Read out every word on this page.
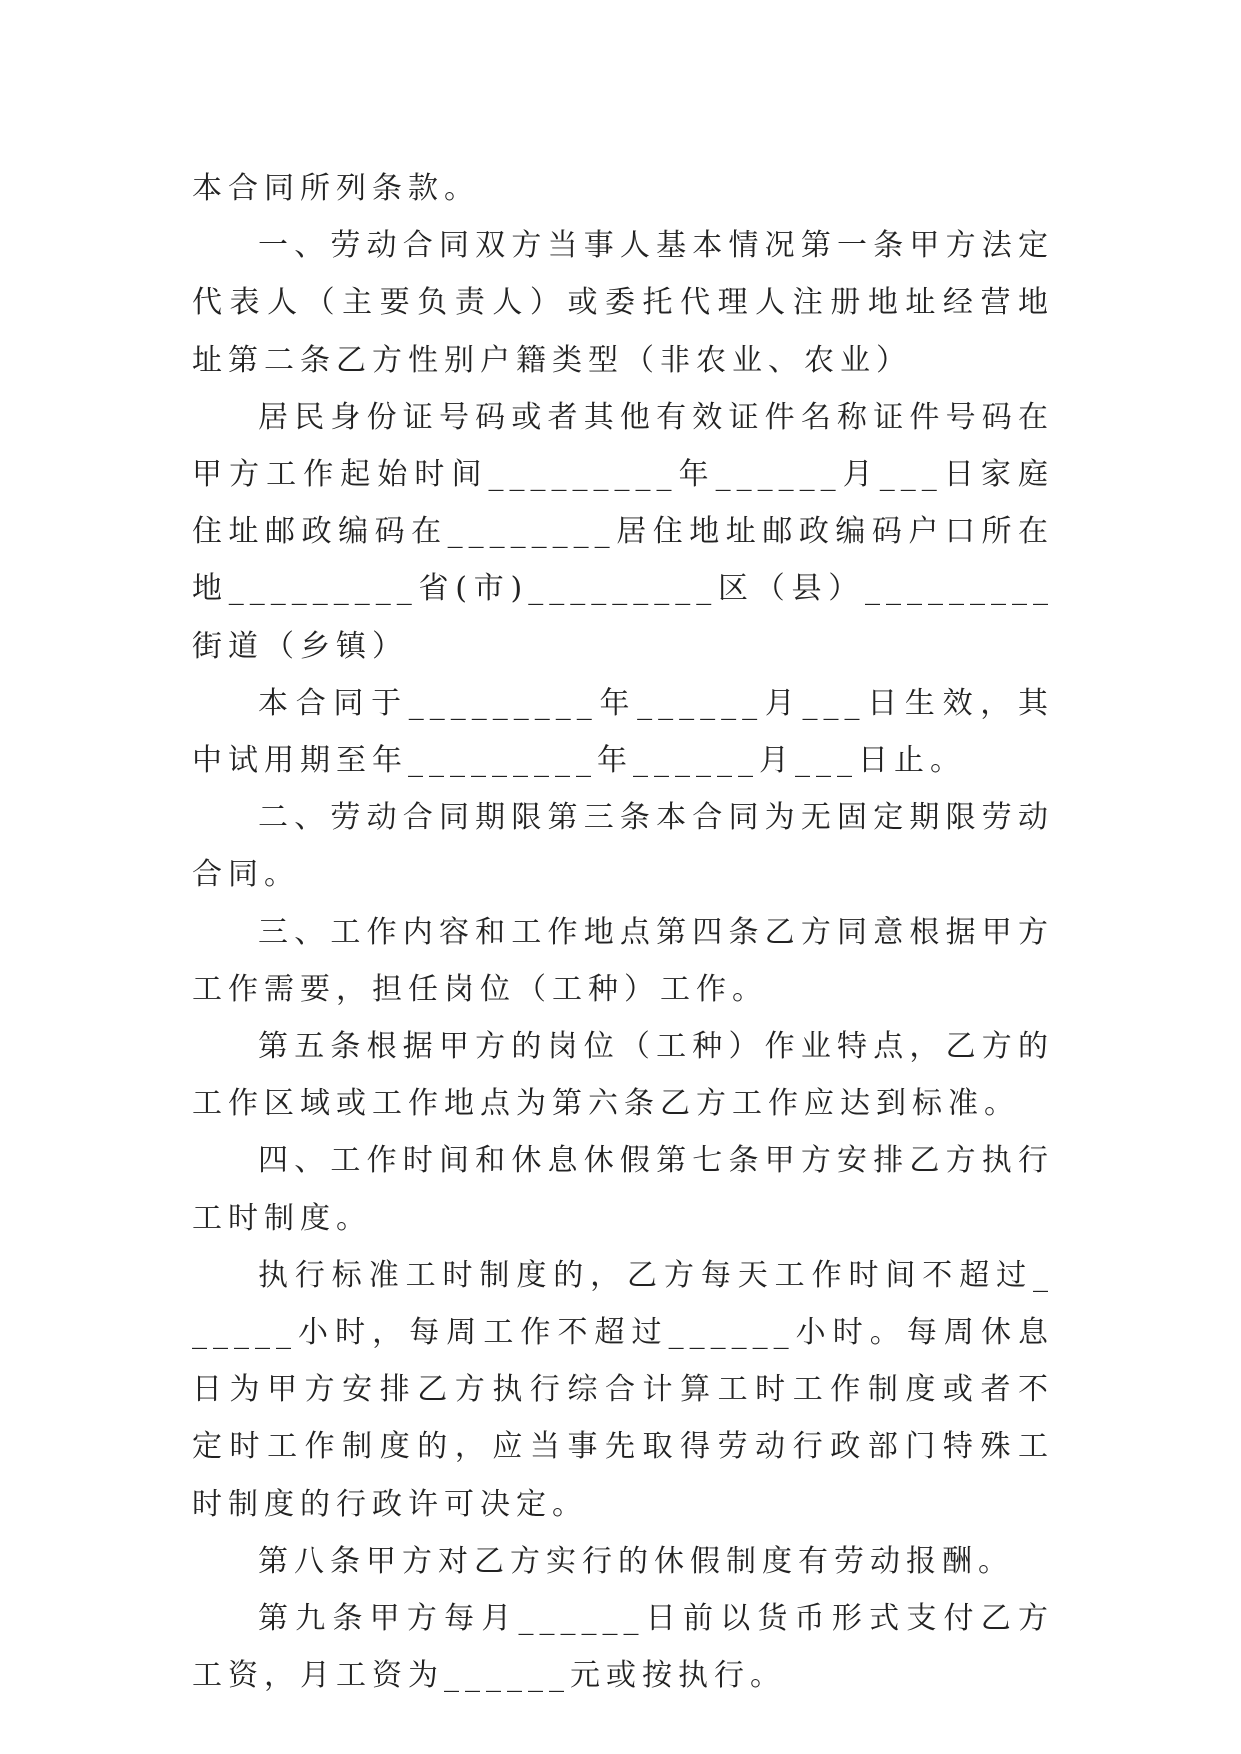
本合同所列条款。

一、劳动合同双方当事人基本情况第一条甲方法定代表人（主要负责人）或委托代理人注册地址经营地址第二条乙方性别户籍类型（非农业、农业）

居民身份证号码或者其他有效证件名称证件号码在甲方工作起始时间_________年______月___日家庭住址邮政编码在________居住地址邮政编码户口所在地_________省(市)_________区（县）_________街道（乡镇）

本合同于_________年______月___日生效，其中试用期至年_________年______月___日止。

二、劳动合同期限第三条本合同为无固定期限劳动合同。

三、工作内容和工作地点第四条乙方同意根据甲方工作需要，担任岗位（工种）工作。

第五条根据甲方的岗位（工种）作业特点，乙方的工作区域或工作地点为第六条乙方工作应达到标准。

四、工作时间和休息休假第七条甲方安排乙方执行工时制度。

执行标准工时制度的，乙方每天工作时间不超过______小时，每周工作不超过______小时。每周休息日为甲方安排乙方执行综合计算工时工作制度或者不定时工作制度的，应当事先取得劳动行政部门特殊工时制度的行政许可决定。

第八条甲方对乙方实行的休假制度有劳动报酬。

第九条甲方每月______日前以货币形式支付乙方工资，月工资为______元或按执行。
